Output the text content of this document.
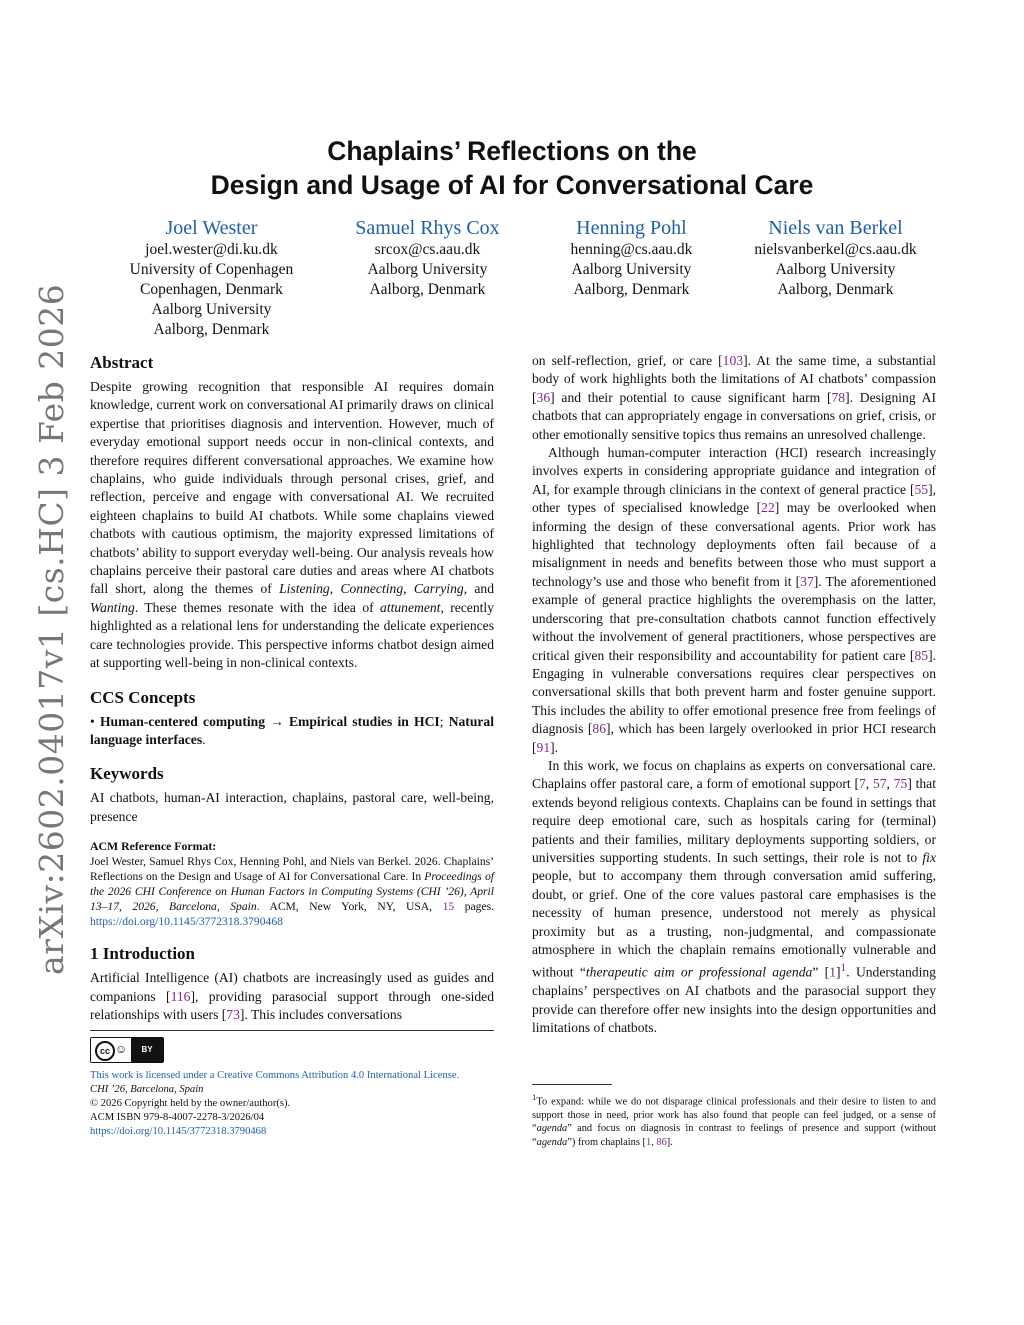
arXiv:2602.04017v1 [cs.HC] 3 Feb 2026
Chaplains’ Reflections on the
Design and Usage of AI for Conversational Care
Joel Wester
joel.wester@di.ku.dk
University of Copenhagen
Copenhagen, Denmark
Aalborg University
Aalborg, Denmark
Samuel Rhys Cox
srcox@cs.aau.dk
Aalborg University
Aalborg, Denmark
Henning Pohl
henning@cs.aau.dk
Aalborg University
Aalborg, Denmark
Niels van Berkel
nielsvanberkel@cs.aau.dk
Aalborg University
Aalborg, Denmark
Abstract

Despite growing recognition that responsible AI requires domain knowledge, current work on conversational AI primarily draws on clinical expertise that prioritises diagnosis and intervention. However, much of everyday emotional support needs occur in non-clinical contexts, and therefore requires different conversational approaches. We examine how chaplains, who guide individuals through personal crises, grief, and reflection, perceive and engage with conversational AI. We recruited eighteen chaplains to build AI chatbots. While some chaplains viewed chatbots with cautious optimism, the majority expressed limitations of chatbots’ ability to support everyday well-being. Our analysis reveals how chaplains perceive their pastoral care duties and areas where AI chatbots fall short, along the themes of Listening, Connecting, Carrying, and Wanting. These themes resonate with the idea of attunement, recently highlighted as a relational lens for understanding the delicate experiences care technologies provide. This perspective informs chatbot design aimed at supporting well-being in non-clinical contexts.

CCS Concepts

• Human-centered computing → Empirical studies in HCI; Natural language interfaces.

Keywords

AI chatbots, human-AI interaction, chaplains, pastoral care, well-being, presence

ACM Reference Format:

Joel Wester, Samuel Rhys Cox, Henning Pohl, and Niels van Berkel. 2026. Chaplains’ Reflections on the Design and Usage of AI for Conversational Care. In Proceedings of the 2026 CHI Conference on Human Factors in Computing Systems (CHI ’26), April 13–17, 2026, Barcelona, Spain. ACM, New York, NY, USA, 15 pages. https://doi.org/10.1145/3772318.3790468

1 Introduction

Artificial Intelligence (AI) chatbots are increasingly used as guides and companions [116], providing parasocial support through one-sided relationships with users [73]. This includes conversations

cc ☺	BY
This work is licensed under a Creative Commons Attribution 4.0 International License.
CHI ’26, Barcelona, Spain
© 2026 Copyright held by the owner/author(s).
ACM ISBN 979-8-4007-2278-3/2026/04
https://doi.org/10.1145/3772318.3790468

on self-reflection, grief, or care [103]. At the same time, a substantial body of work highlights both the limitations of AI chatbots’ compassion [36] and their potential to cause significant harm [78]. Designing AI chatbots that can appropriately engage in conversations on grief, crisis, or other emotionally sensitive topics thus remains an unresolved challenge.

Although human-computer interaction (HCI) research increasingly involves experts in considering appropriate guidance and integration of AI, for example through clinicians in the context of general practice [55], other types of specialised knowledge [22] may be overlooked when informing the design of these conversational agents. Prior work has highlighted that technology deployments often fail because of a misalignment in needs and benefits between those who must support a technology’s use and those who benefit from it [37]. The aforementioned example of general practice highlights the overemphasis on the latter, underscoring that pre-consultation chatbots cannot function effectively without the involvement of general practitioners, whose perspectives are critical given their responsibility and accountability for patient care [85]. Engaging in vulnerable conversations requires clear perspectives on conversational skills that both prevent harm and foster genuine support. This includes the ability to offer emotional presence free from feelings of diagnosis [86], which has been largely overlooked in prior HCI research [91].

In this work, we focus on chaplains as experts on conversational care. Chaplains offer pastoral care, a form of emotional support [7, 57, 75] that extends beyond religious contexts. Chaplains can be found in settings that require deep emotional care, such as hospitals caring for (terminal) patients and their families, military deployments supporting soldiers, or universities supporting students. In such settings, their role is not to fix people, but to accompany them through conversation amid suffering, doubt, or grief. One of the core values pastoral care emphasises is the necessity of human presence, understood not merely as physical proximity but as a trusting, non-judgmental, and compassionate atmosphere in which the chaplain remains emotionally vulnerable and without “therapeutic aim or professional agenda” [1]$^1$. Understanding chaplains’ perspectives on AI chatbots and the parasocial support they provide can therefore offer new insights into the design opportunities and limitations of chatbots.

$^1$To expand: while we do not disparage clinical professionals and their desire to listen to and support those in need, prior work has also found that people can feel judged, or a sense of “agenda” and focus on diagnosis in contrast to feelings of presence and support (without “agenda”) from chaplains [1, 86].
